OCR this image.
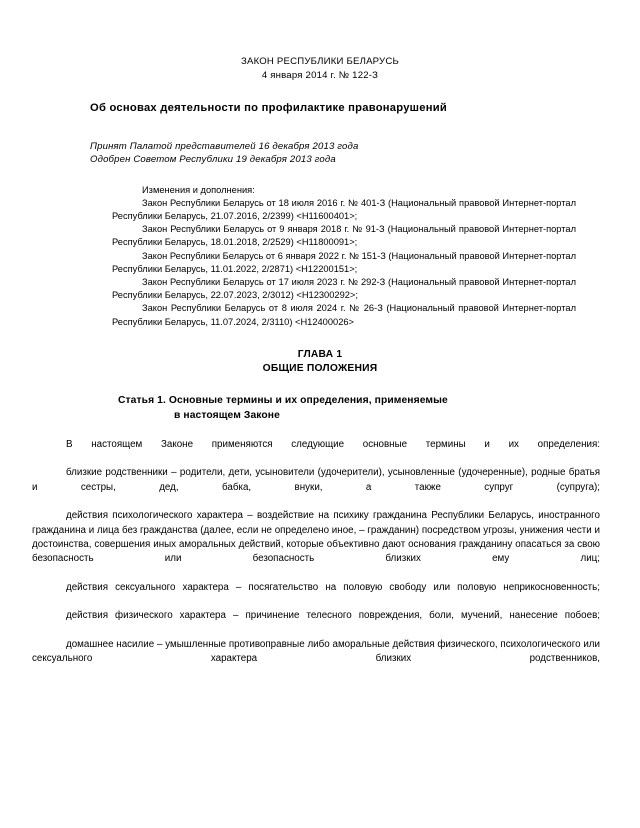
ЗАКОН РЕСПУБЛИКИ БЕЛАРУСЬ
4 января 2014 г. № 122-З
Об основах деятельности по профилактике правонарушений
Принят Палатой представителей 16 декабря 2013 года
Одобрен Советом Республики 19 декабря 2013 года
Изменения и дополнения:

Закон Республики Беларусь от 18 июля 2016 г. № 401-З (Национальный правовой Интернет-портал Республики Беларусь, 21.07.2016, 2/2399) <H11600401>;

Закон Республики Беларусь от 9 января 2018 г. № 91-З (Национальный правовой Интернет-портал Республики Беларусь, 18.01.2018, 2/2529) <H11800091>;

Закон Республики Беларусь от 6 января 2022 г. № 151-З (Национальный правовой Интернет-портал Республики Беларусь, 11.01.2022, 2/2871) <H12200151>;

Закон Республики Беларусь от 17 июля 2023 г. № 292-З (Национальный правовой Интернет-портал Республики Беларусь, 22.07.2023, 2/3012) <H12300292>;

Закон Республики Беларусь от 8 июля 2024 г. № 26-З (Национальный правовой Интернет-портал Республики Беларусь, 11.07.2024, 2/3110) <H12400026>

ГЛАВА 1
ОБЩИЕ ПОЛОЖЕНИЯ
Статья 1. Основные термины и их определения, применяемые
в настоящем Законе

В настоящем Законе применяются следующие основные термины и их определения:

близкие родственники – родители, дети, усыновители (удочерители), усыновленные (удочеренные), родные братья и сестры, дед, бабка, внуки, а также супруг (супруга);

действия психологического характера – воздействие на психику гражданина Республики Беларусь, иностранного гражданина и лица без гражданства (далее, если не определено иное, – гражданин) посредством угрозы, унижения чести и достоинства, совершения иных аморальных действий, которые объективно дают основания гражданину опасаться за свою безопасность или безопасность близких ему лиц;

действия сексуального характера – посягательство на половую свободу или половую неприкосновенность;

действия физического характера – причинение телесного повреждения, боли, мучений, нанесение побоев;

домашнее насилие – умышленные противоправные либо аморальные действия физического, психологического или сексуального характера близких родственников,
